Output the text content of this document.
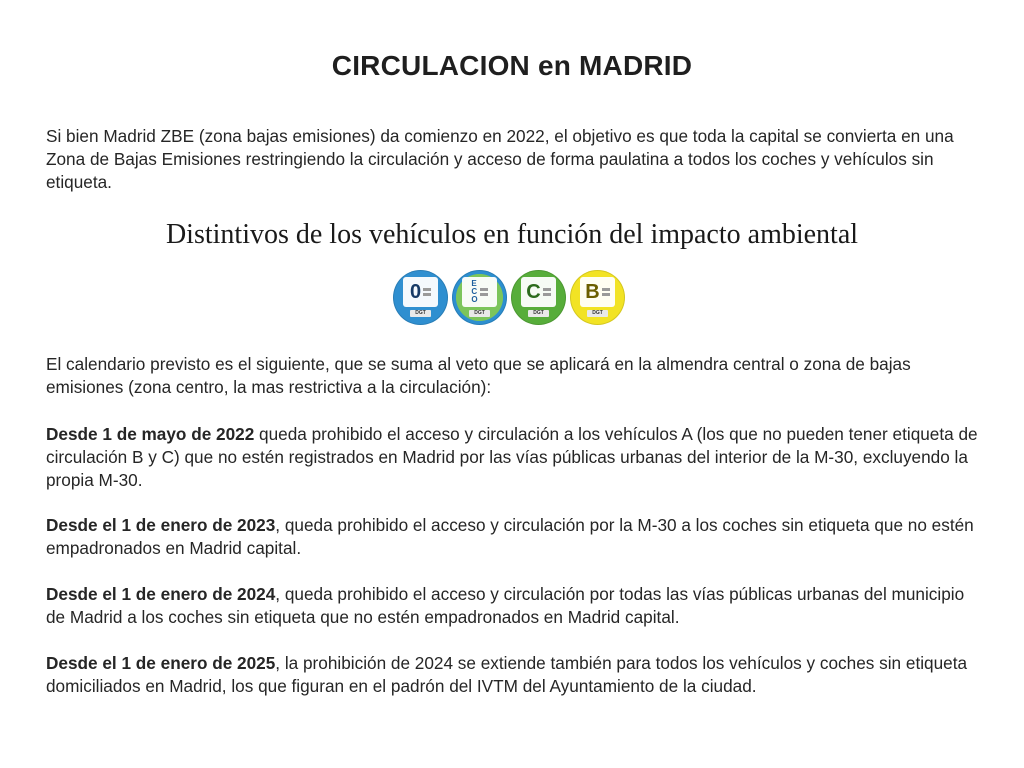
CIRCULACION en MADRID
Si bien Madrid ZBE (zona bajas emisiones) da comienzo en 2022, el objetivo es que toda la capital se convierta en una Zona de Bajas Emisiones restringiendo la circulación y acceso de forma paulatina a todos los coches y vehículos sin etiqueta.
Distintivos de los vehículos en función del impacto ambiental
0
DGT
E
C
O
DGT
C
DGT
B
DGT
El calendario previsto es el siguiente, que se suma al veto que se aplicará en la almendra central o zona de bajas emisiones (zona centro, la mas restrictiva a la circulación):
Desde 1 de mayo de 2022 queda prohibido el acceso y circulación a los vehículos A (los que no pueden tener etiqueta de circulación B y C) que no estén registrados en Madrid por las vías públicas urbanas del interior de la M-30, excluyendo la propia M-30.
Desde el 1 de enero de 2023, queda prohibido el acceso y circulación por la M-30 a los coches sin etiqueta que no estén empadronados en Madrid capital.
Desde el 1 de enero de 2024, queda prohibido el acceso y circulación por todas las vías públicas urbanas del municipio de Madrid a los coches sin etiqueta que no estén empadronados en Madrid capital.
Desde el 1 de enero de 2025, la prohibición de 2024 se extiende también para todos los vehículos y coches sin etiqueta domiciliados en Madrid, los que figuran en el padrón del IVTM del Ayuntamiento de la ciudad.
